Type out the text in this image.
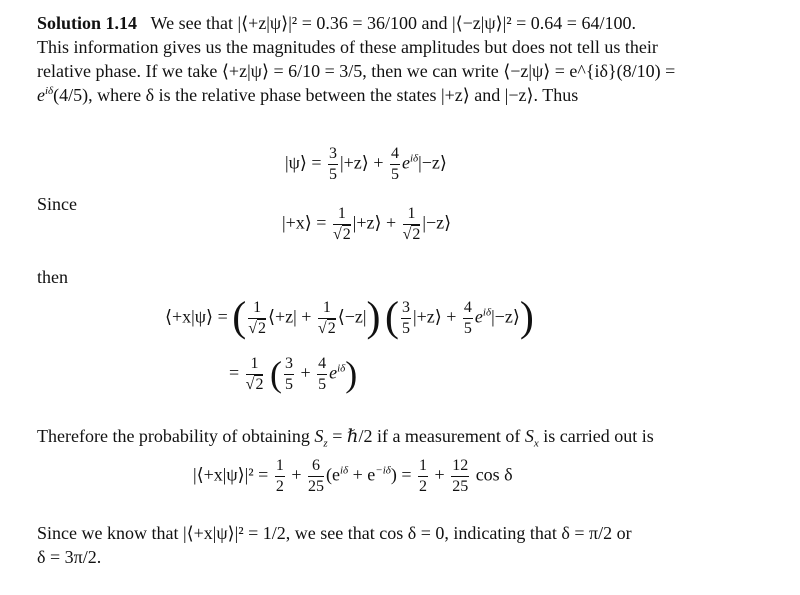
Solution 1.14 We see that |⟨+z|ψ⟩|² = 0.36 = 36/100 and |⟨−z|ψ⟩|² = 0.64 = 64/100.
This information gives us the magnitudes of these amplitudes but does not tell us their
relative phase. If we take ⟨+z|ψ⟩ = 6/10 = 3/5, then we can write ⟨−z|ψ⟩ = e^{iδ}(8/10) =
$e^{i\delta}(4/5)$, where δ is the relative phase between the states |+z⟩ and |−z⟩. Thus
|ψ⟩ = $\frac{3}{5}$ |+z⟩ + $\frac{4}{5}$ $e^{i\delta}|-z⟩$
Since
|+x⟩ = $\frac{1}{√2}$ |+z⟩ + $\frac{1}{√2}$ |−z⟩
then
⟨+x|ψ⟩ = ( $\frac{1}{√2}$ ⟨+z| + $\frac{1}{√2}$ ⟨−z|) ( $\frac{3}{5}$ |+z⟩ + $\frac{4}{5}$ $e^{i\delta}|-z⟩$)
= $\frac{1}{√2}$ ( $\frac{3}{5} + \frac{4}{5} e^{i\delta}$)
Therefore the probability of obtaining $S_z$ = ℏ/2 if a measurement of $S_x$ is carried out is
|⟨+x|ψ⟩|² = $\frac{1}{2} + \frac{6}{25} (e^{i\delta} + e^{-i\delta}) = \frac{1}{2} + \frac{12}{25}$ cos δ
Since we know that |⟨+x|ψ⟩|² = 1/2, we see that cos δ = 0, indicating that δ = π/2 or
δ = 3π/2.
